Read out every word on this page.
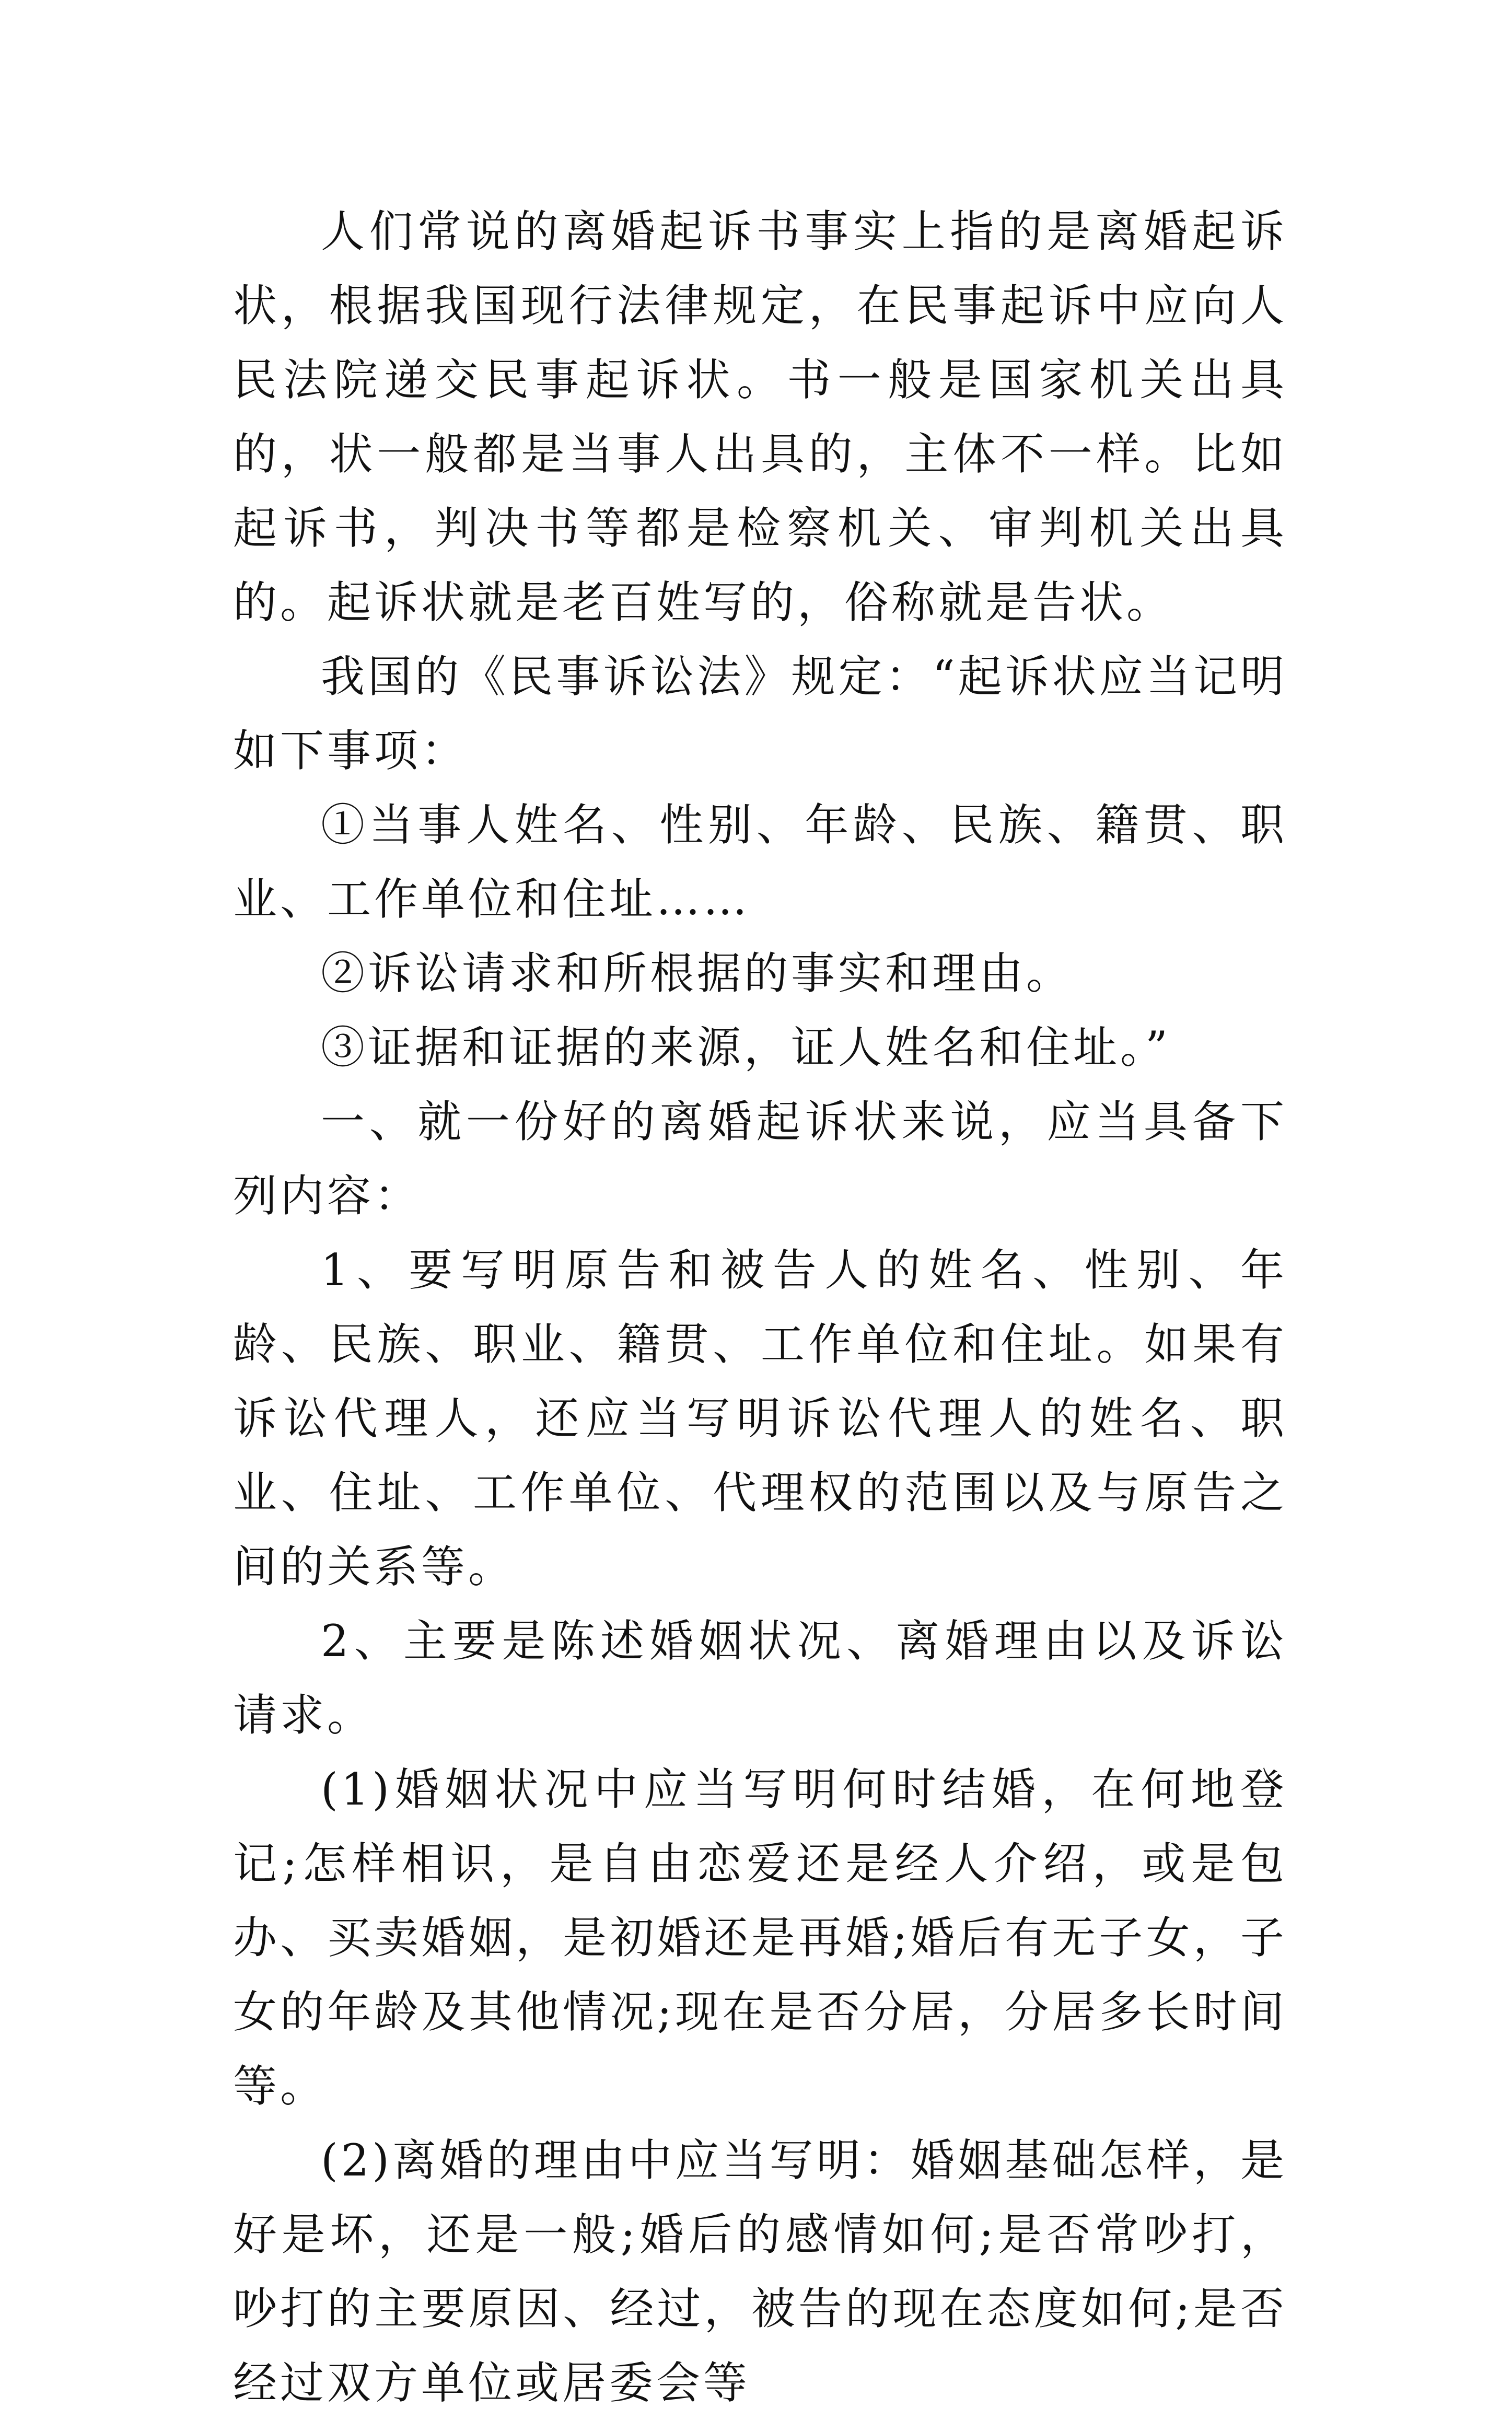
人们常说的离婚起诉书事实上指的是离婚起诉状，根据我国现行法律规定，在民事起诉中应向人民法院递交民事起诉状。书一般是国家机关出具的，状一般都是当事人出具的，主体不一样。比如起诉书，判决书等都是检察机关、审判机关出具的。起诉状就是老百姓写的，俗称就是告状。

我国的《民事诉讼法》规定：“起诉状应当记明如下事项：

①当事人姓名、性别、年龄、民族、籍贯、职业、工作单位和住址……

②诉讼请求和所根据的事实和理由。

③证据和证据的来源，证人姓名和住址。”

一、就一份好的离婚起诉状来说，应当具备下列内容：

1、要写明原告和被告人的姓名、性别、年龄、民族、职业、籍贯、工作单位和住址。如果有诉讼代理人，还应当写明诉讼代理人的姓名、职业、住址、工作单位、代理权的范围以及与原告之间的关系等。

2、主要是陈述婚姻状况、离婚理由以及诉讼请求。

(1)婚姻状况中应当写明何时结婚，在何地登记;怎样相识，是自由恋爱还是经人介绍，或是包办、买卖婚姻，是初婚还是再婚;婚后有无子女，子女的年龄及其他情况;现在是否分居，分居多长时间等。

(2)离婚的理由中应当写明：婚姻基础怎样，是好是坏，还是一般;婚后的感情如何;是否常吵打，吵打的主要原因、经过，被告的现在态度如何;是否经过双方单位或居委会等
